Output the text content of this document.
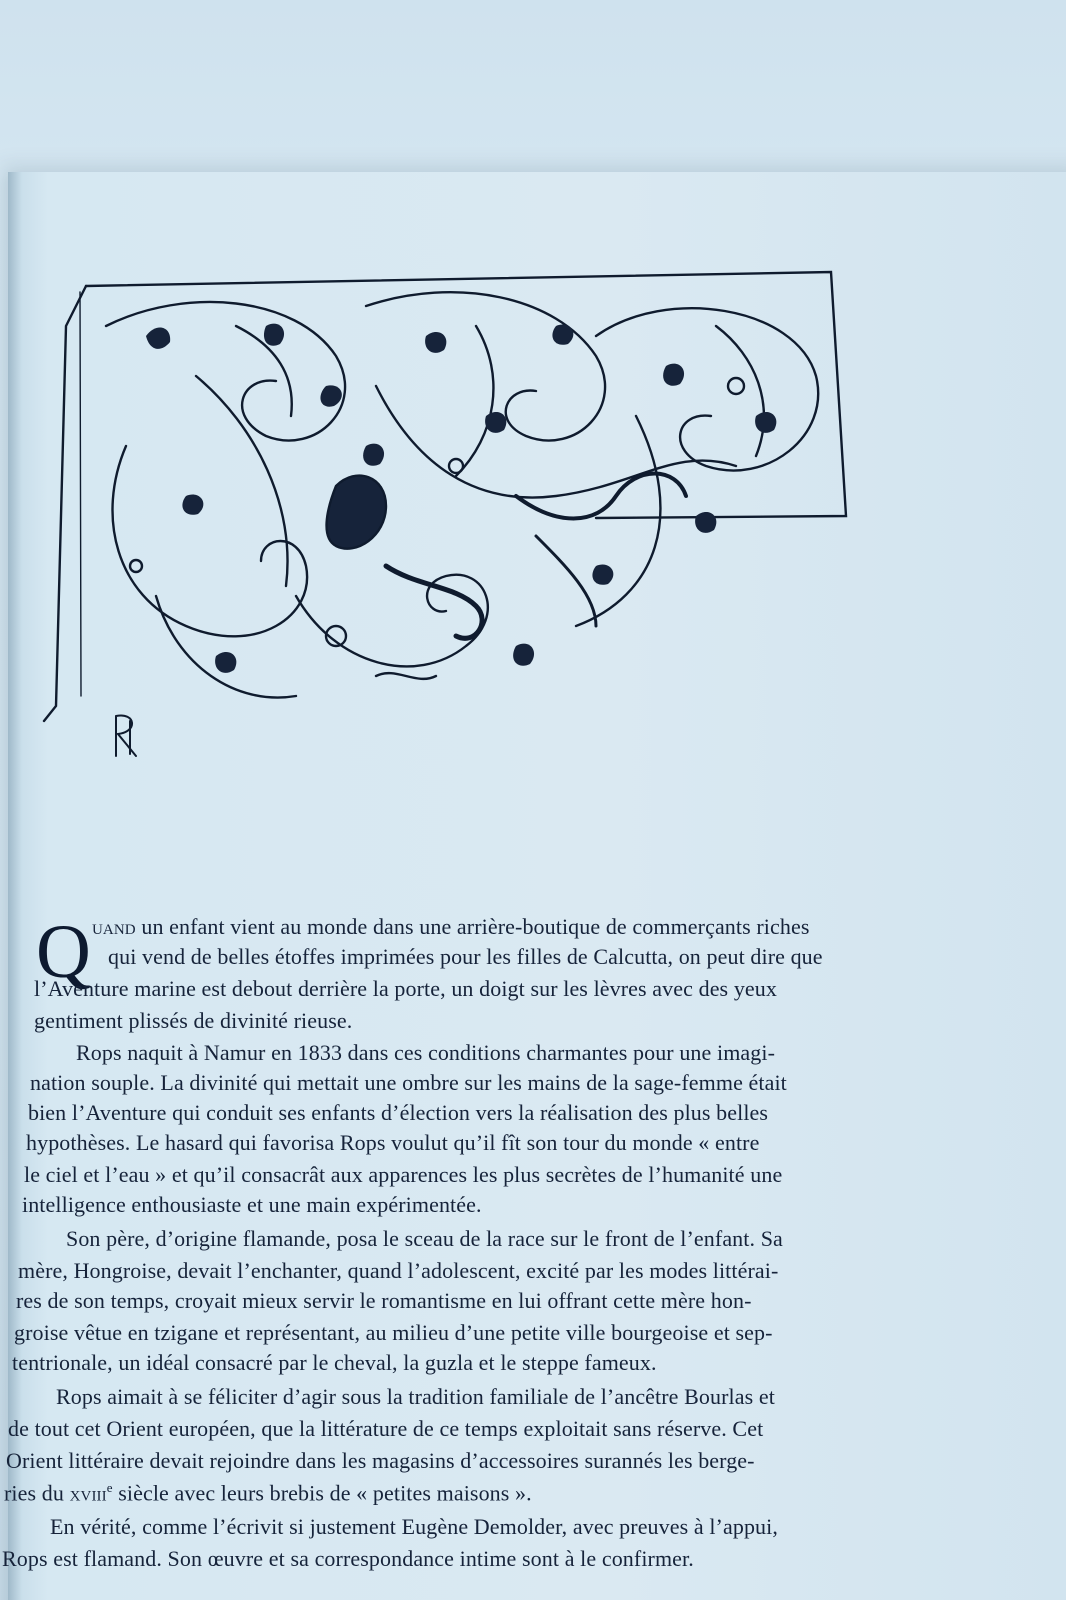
Q uand un enfant vient au monde dans une arrière-boutique de commerçants riches
qui vend de belles étoffes imprimées pour les filles de Calcutta, on peut dire que
l’Aventure marine est debout derrière la porte, un doigt sur les lèvres avec des yeux
gentiment plissés de divinité rieuse.
Rops naquit à Namur en 1833 dans ces conditions charmantes pour une imagi-
nation souple. La divinité qui mettait une ombre sur les mains de la sage-femme était
bien l’Aventure qui conduit ses enfants d’élection vers la réalisation des plus belles
hypothèses. Le hasard qui favorisa Rops voulut qu’il fît son tour du monde « entre
le ciel et l’eau » et qu’il consacrât aux apparences les plus secrètes de l’humanité une
intelligence enthousiaste et une main expérimentée.
Son père, d’origine flamande, posa le sceau de la race sur le front de l’enfant. Sa
mère, Hongroise, devait l’enchanter, quand l’adolescent, excité par les modes littérai-
res de son temps, croyait mieux servir le romantisme en lui offrant cette mère hon-
groise vêtue en tzigane et représentant, au milieu d’une petite ville bourgeoise et sep-
tentrionale, un idéal consacré par le cheval, la guzla et le steppe fameux.
Rops aimait à se féliciter d’agir sous la tradition familiale de l’ancêtre Bourlas et
de tout cet Orient européen, que la littérature de ce temps exploitait sans réserve. Cet
Orient littéraire devait rejoindre dans les magasins d’accessoires surannés les berge-
ries du xviii$^e$ siècle avec leurs brebis de « petites maisons ».
En vérité, comme l’écrivit si justement Eugène Demolder, avec preuves à l’appui,
Rops est flamand. Son œuvre et sa correspondance intime sont à le confirmer.
